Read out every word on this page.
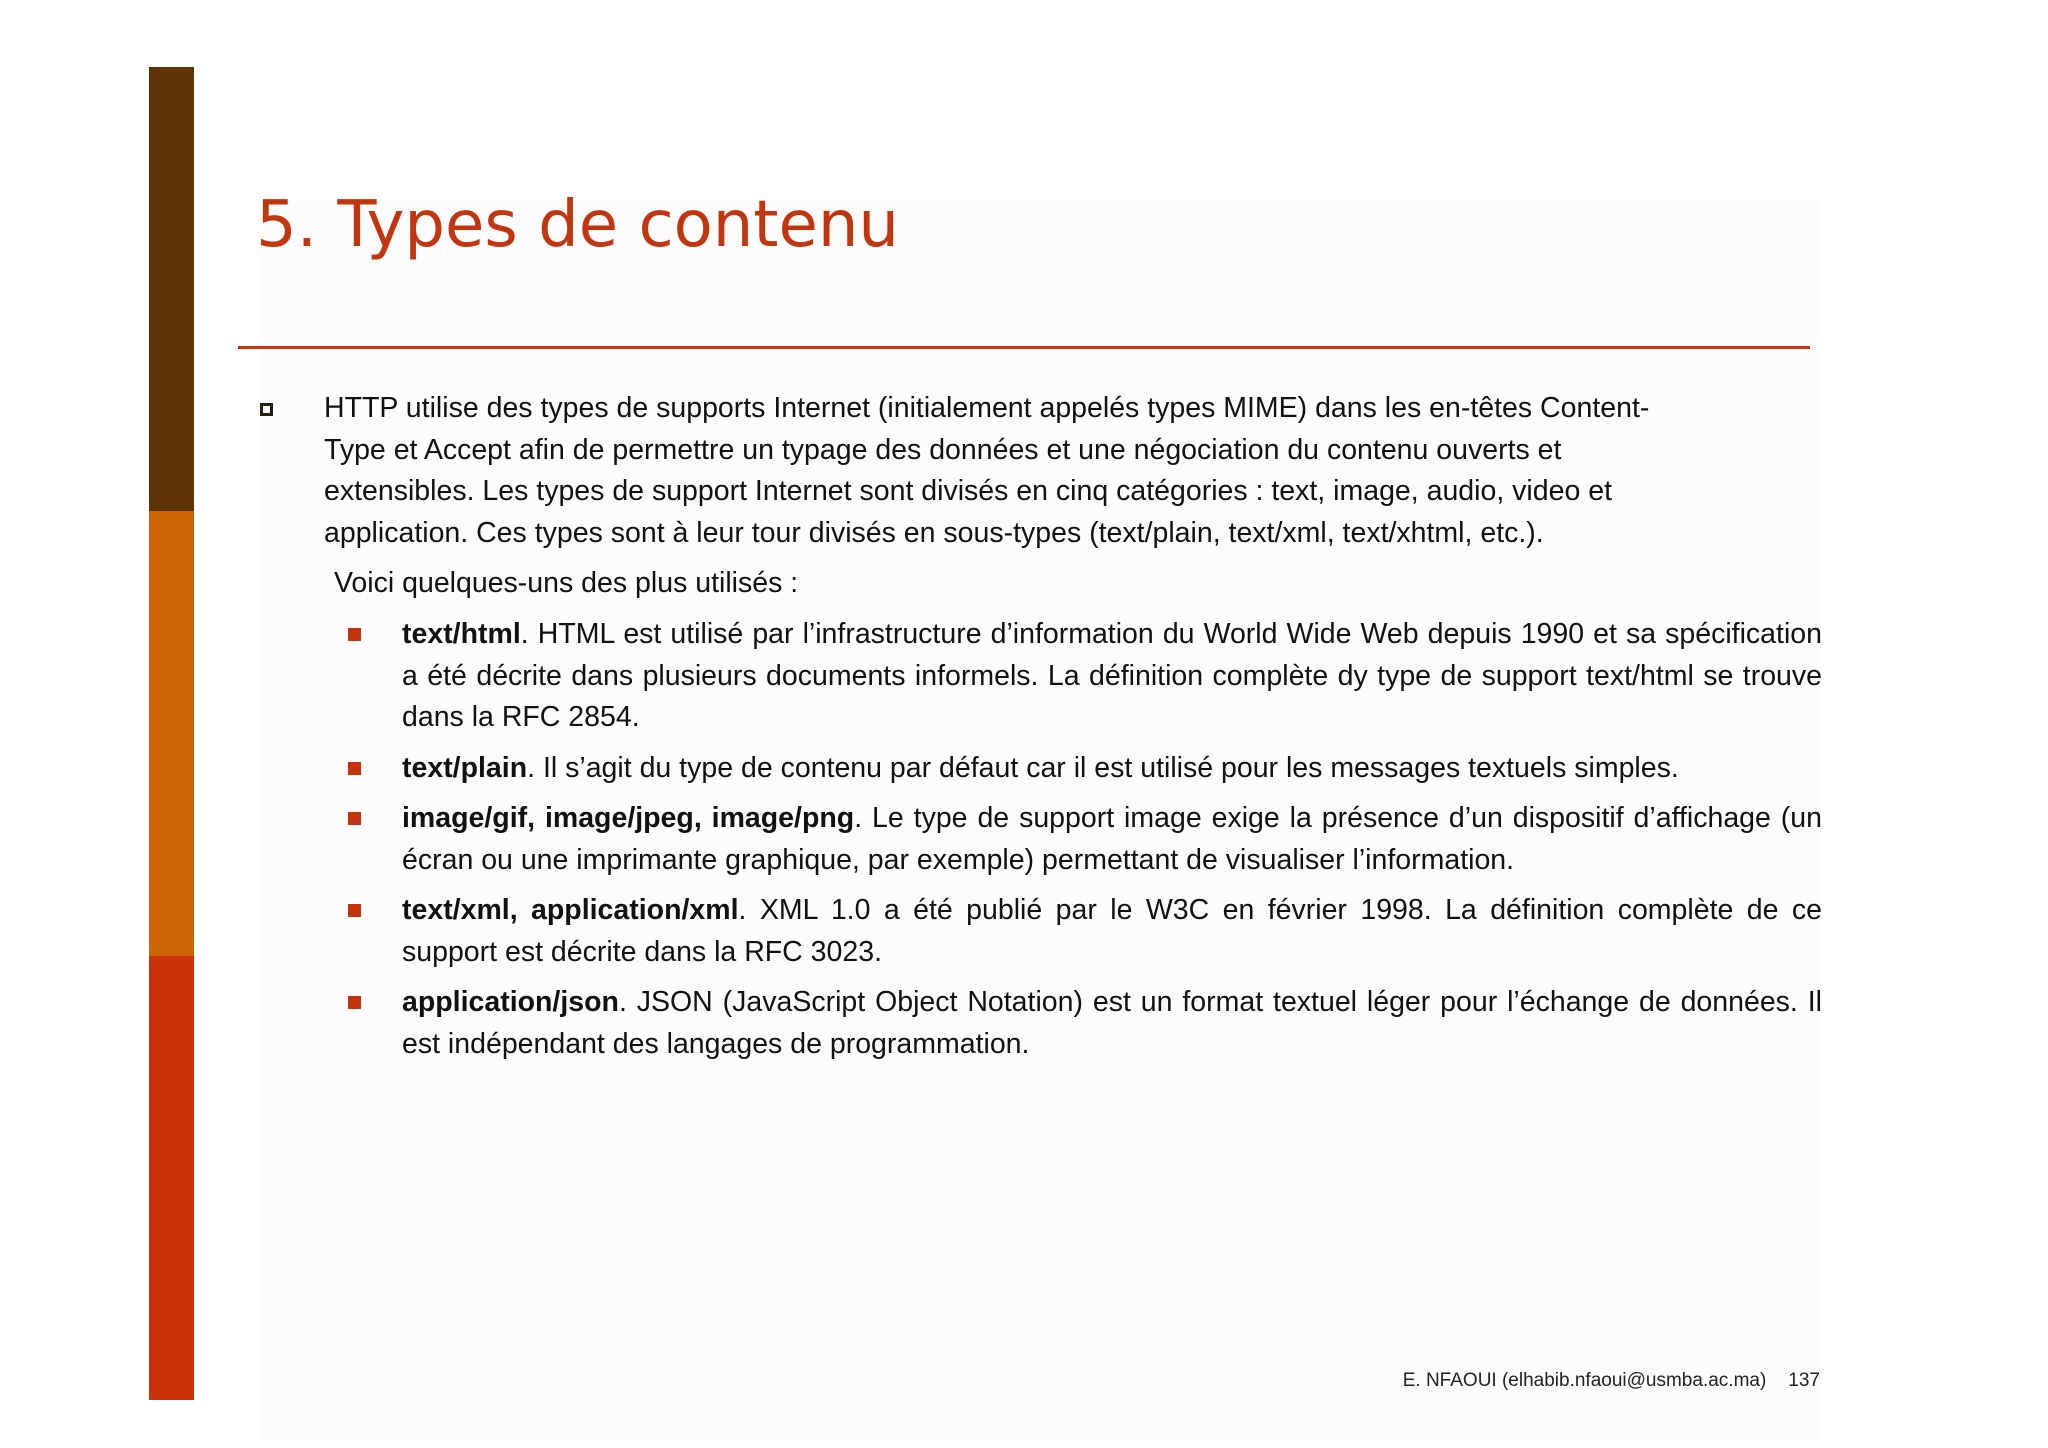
5. Types de contenu
HTTP utilise des types de supports Internet (initialement appelés types MIME) dans les en-têtes Content-
Type et Accept afin de permettre un typage des données et une négociation du contenu ouverts et
extensibles. Les types de support Internet sont divisés en cinq catégories : text, image, audio, video et
application. Ces types sont à leur tour divisés en sous-types (text/plain, text/xml, text/xhtml, etc.).
Voici quelques-uns des plus utilisés :
text/html. HTML est utilisé par l’infrastructure d’information du World Wide Web depuis 1990 et sa spécification a été décrite dans plusieurs documents informels. La définition complète dy type de support text/html se trouve dans la RFC 2854.
text/plain. Il s’agit du type de contenu par défaut car il est utilisé pour les messages textuels simples.
image/gif, image/jpeg, image/png. Le type de support image exige la présence d’un dispositif d’affichage (un écran ou une imprimante graphique, par exemple) permettant de visualiser l’information.
text/xml, application/xml. XML 1.0 a été publié par le W3C en février 1998. La définition complète de ce support est décrite dans la RFC 3023.
application/json. JSON (JavaScript Object Notation) est un format textuel léger pour l’échange de données. Il est indépendant des langages de programmation.
E. NFAOUI (elhabib.nfaoui@usmba.ac.ma) 137
